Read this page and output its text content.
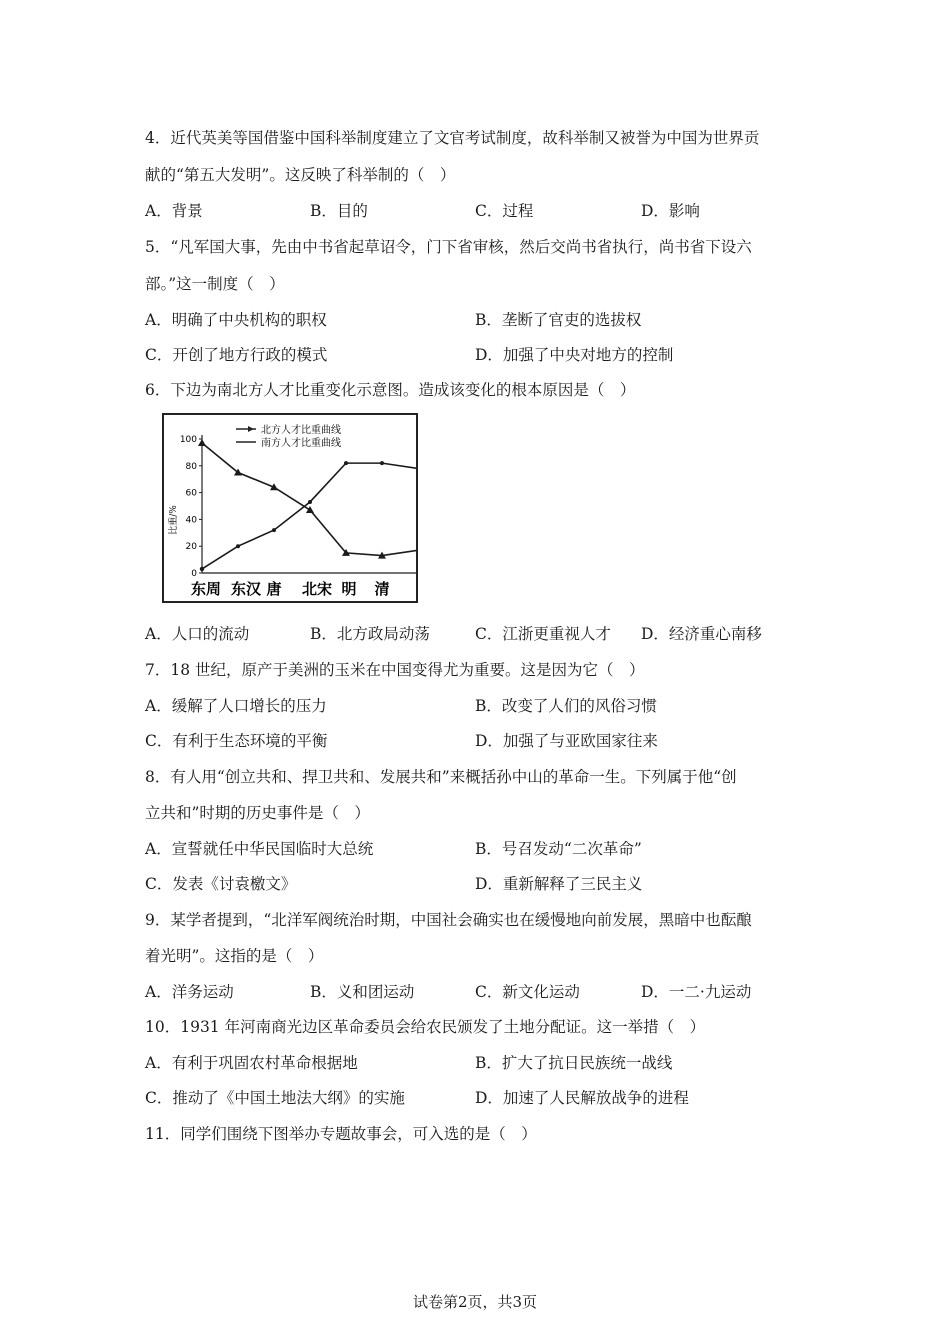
4．近代英美等国借鉴中国科举制度建立了文官考试制度，故科举制又被誉为中国为世界贡
献的“第五大发明”。这反映了科举制的（　）
A．背景	B．目的	C．过程	D．影响
5．“凡军国大事，先由中书省起草诏令，门下省审核，然后交尚书省执行，尚书省下设六
部。”这一制度（　）
A．明确了中央机构的职权	B．垄断了官吏的选拔权
C．开创了地方行政的模式	D．加强了中央对地方的控制
6．下边为南北方人才比重变化示意图。造成该变化的根本原因是（　）
北方人才比重曲线
南方人才比重曲线
比重/%
0
20
40
60
80
100
东周 东汉 唐 北宋 明 清
A．人口的流动	B．北方政局动荡	C．江浙更重视人才 D．经济重心南移
7．18 世纪，原产于美洲的玉米在中国变得尤为重要。这是因为它（　）
A．缓解了人口增长的压力	B．改变了人们的风俗习惯
C．有利于生态环境的平衡	D．加强了与亚欧国家往来
8．有人用“创立共和、捍卫共和、发展共和”来概括孙中山的革命一生。下列属于他“创
立共和”时期的历史事件是（　）
A．宣誓就任中华民国临时大总统	B．号召发动“二次革命”
C．发表《讨袁檄文》	D．重新解释了三民主义
9．某学者提到，“北洋军阀统治时期，中国社会确实也在缓慢地向前发展，黑暗中也酝酿
着光明”。这指的是（　）
A．洋务运动	B．义和团运动	C．新文化运动	D．一二·九运动
10．1931 年河南商光边区革命委员会给农民颁发了土地分配证。这一举措（　）
A．有利于巩固农村革命根据地	B．扩大了抗日民族统一战线
C．推动了《中国土地法大纲》的实施	D．加速了人民解放战争的进程
11．同学们围绕下图举办专题故事会，可入选的是（　）
试卷第2页，共3页
